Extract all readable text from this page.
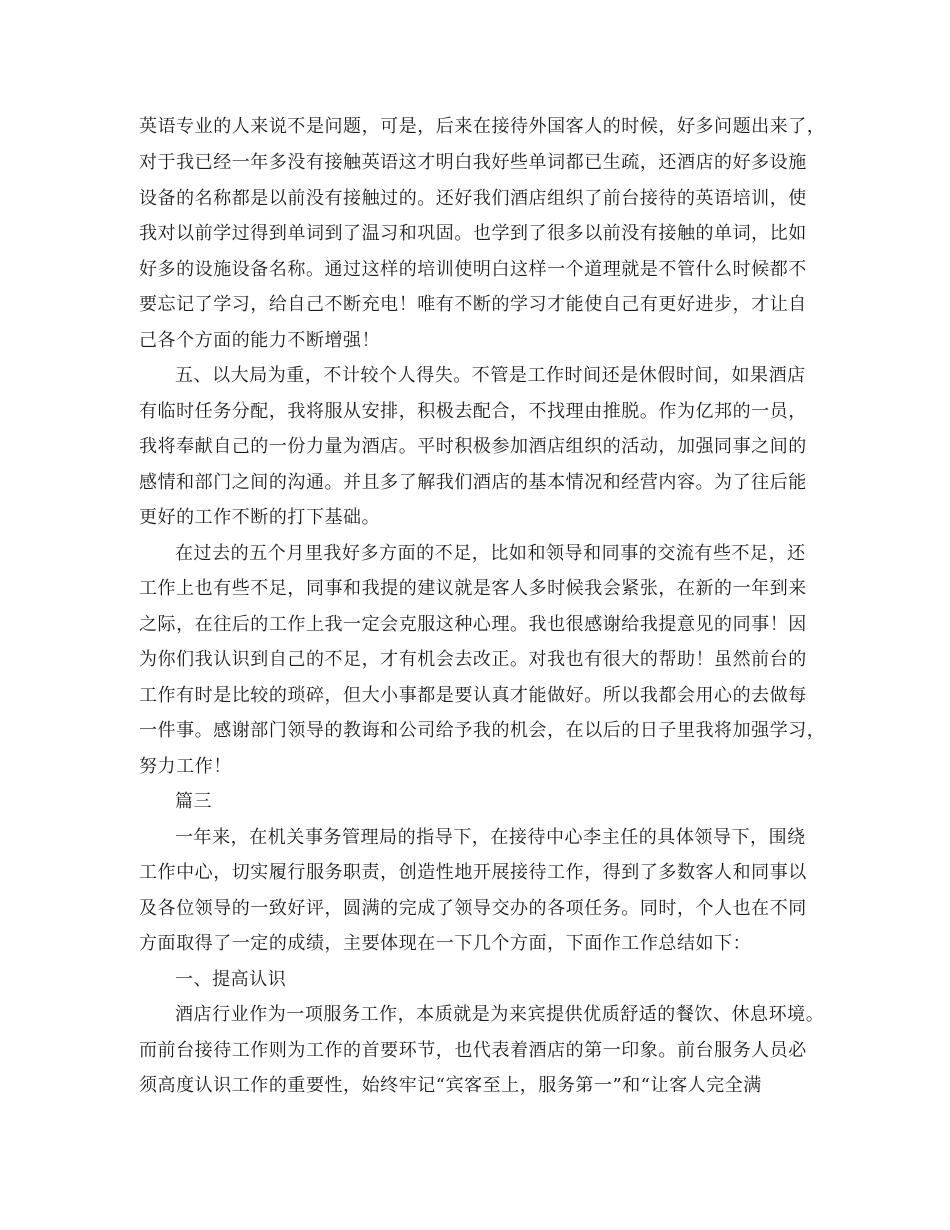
英语专业的人来说不是问题，可是，后来在接待外国客人的时候，好多问题出来了，
对于我已经一年多没有接触英语这才明白我好些单词都已生疏，还酒店的好多设施
设备的名称都是以前没有接触过的。还好我们酒店组织了前台接待的英语培训，使
我对以前学过得到单词到了温习和巩固。也学到了很多以前没有接触的单词，比如
好多的设施设备名称。通过这样的培训使明白这样一个道理就是不管什么时候都不
要忘记了学习，给自己不断充电！唯有不断的学习才能使自己有更好进步，才让自
己各个方面的能力不断增强！
五、以大局为重，不计较个人得失。不管是工作时间还是休假时间，如果酒店
有临时任务分配，我将服从安排，积极去配合，不找理由推脱。作为亿邦的一员，
我将奉献自己的一份力量为酒店。平时积极参加酒店组织的活动，加强同事之间的
感情和部门之间的沟通。并且多了解我们酒店的基本情况和经营内容。为了往后能
更好的工作不断的打下基础。
在过去的五个月里我好多方面的不足，比如和领导和同事的交流有些不足，还
工作上也有些不足，同事和我提的建议就是客人多时候我会紧张，在新的一年到来
之际，在往后的工作上我一定会克服这种心理。我也很感谢给我提意见的同事！因
为你们我认识到自己的不足，才有机会去改正。对我也有很大的帮助！虽然前台的
工作有时是比较的琐碎，但大小事都是要认真才能做好。所以我都会用心的去做每
一件事。感谢部门领导的教诲和公司给予我的机会，在以后的日子里我将加强学习，
努力工作！
篇三
一年来，在机关事务管理局的指导下，在接待中心李主任的具体领导下，围绕
工作中心，切实履行服务职责，创造性地开展接待工作，得到了多数客人和同事以
及各位领导的一致好评，圆满的完成了领导交办的各项任务。同时，个人也在不同
方面取得了一定的成绩，主要体现在一下几个方面，下面作工作总结如下：
一、提高认识
酒店行业作为一项服务工作，本质就是为来宾提供优质舒适的餐饮、休息环境。
而前台接待工作则为工作的首要环节，也代表着酒店的第一印象。前台服务人员必
须高度认识工作的重要性，始终牢记“宾客至上，服务第一”和“让客人完全满
